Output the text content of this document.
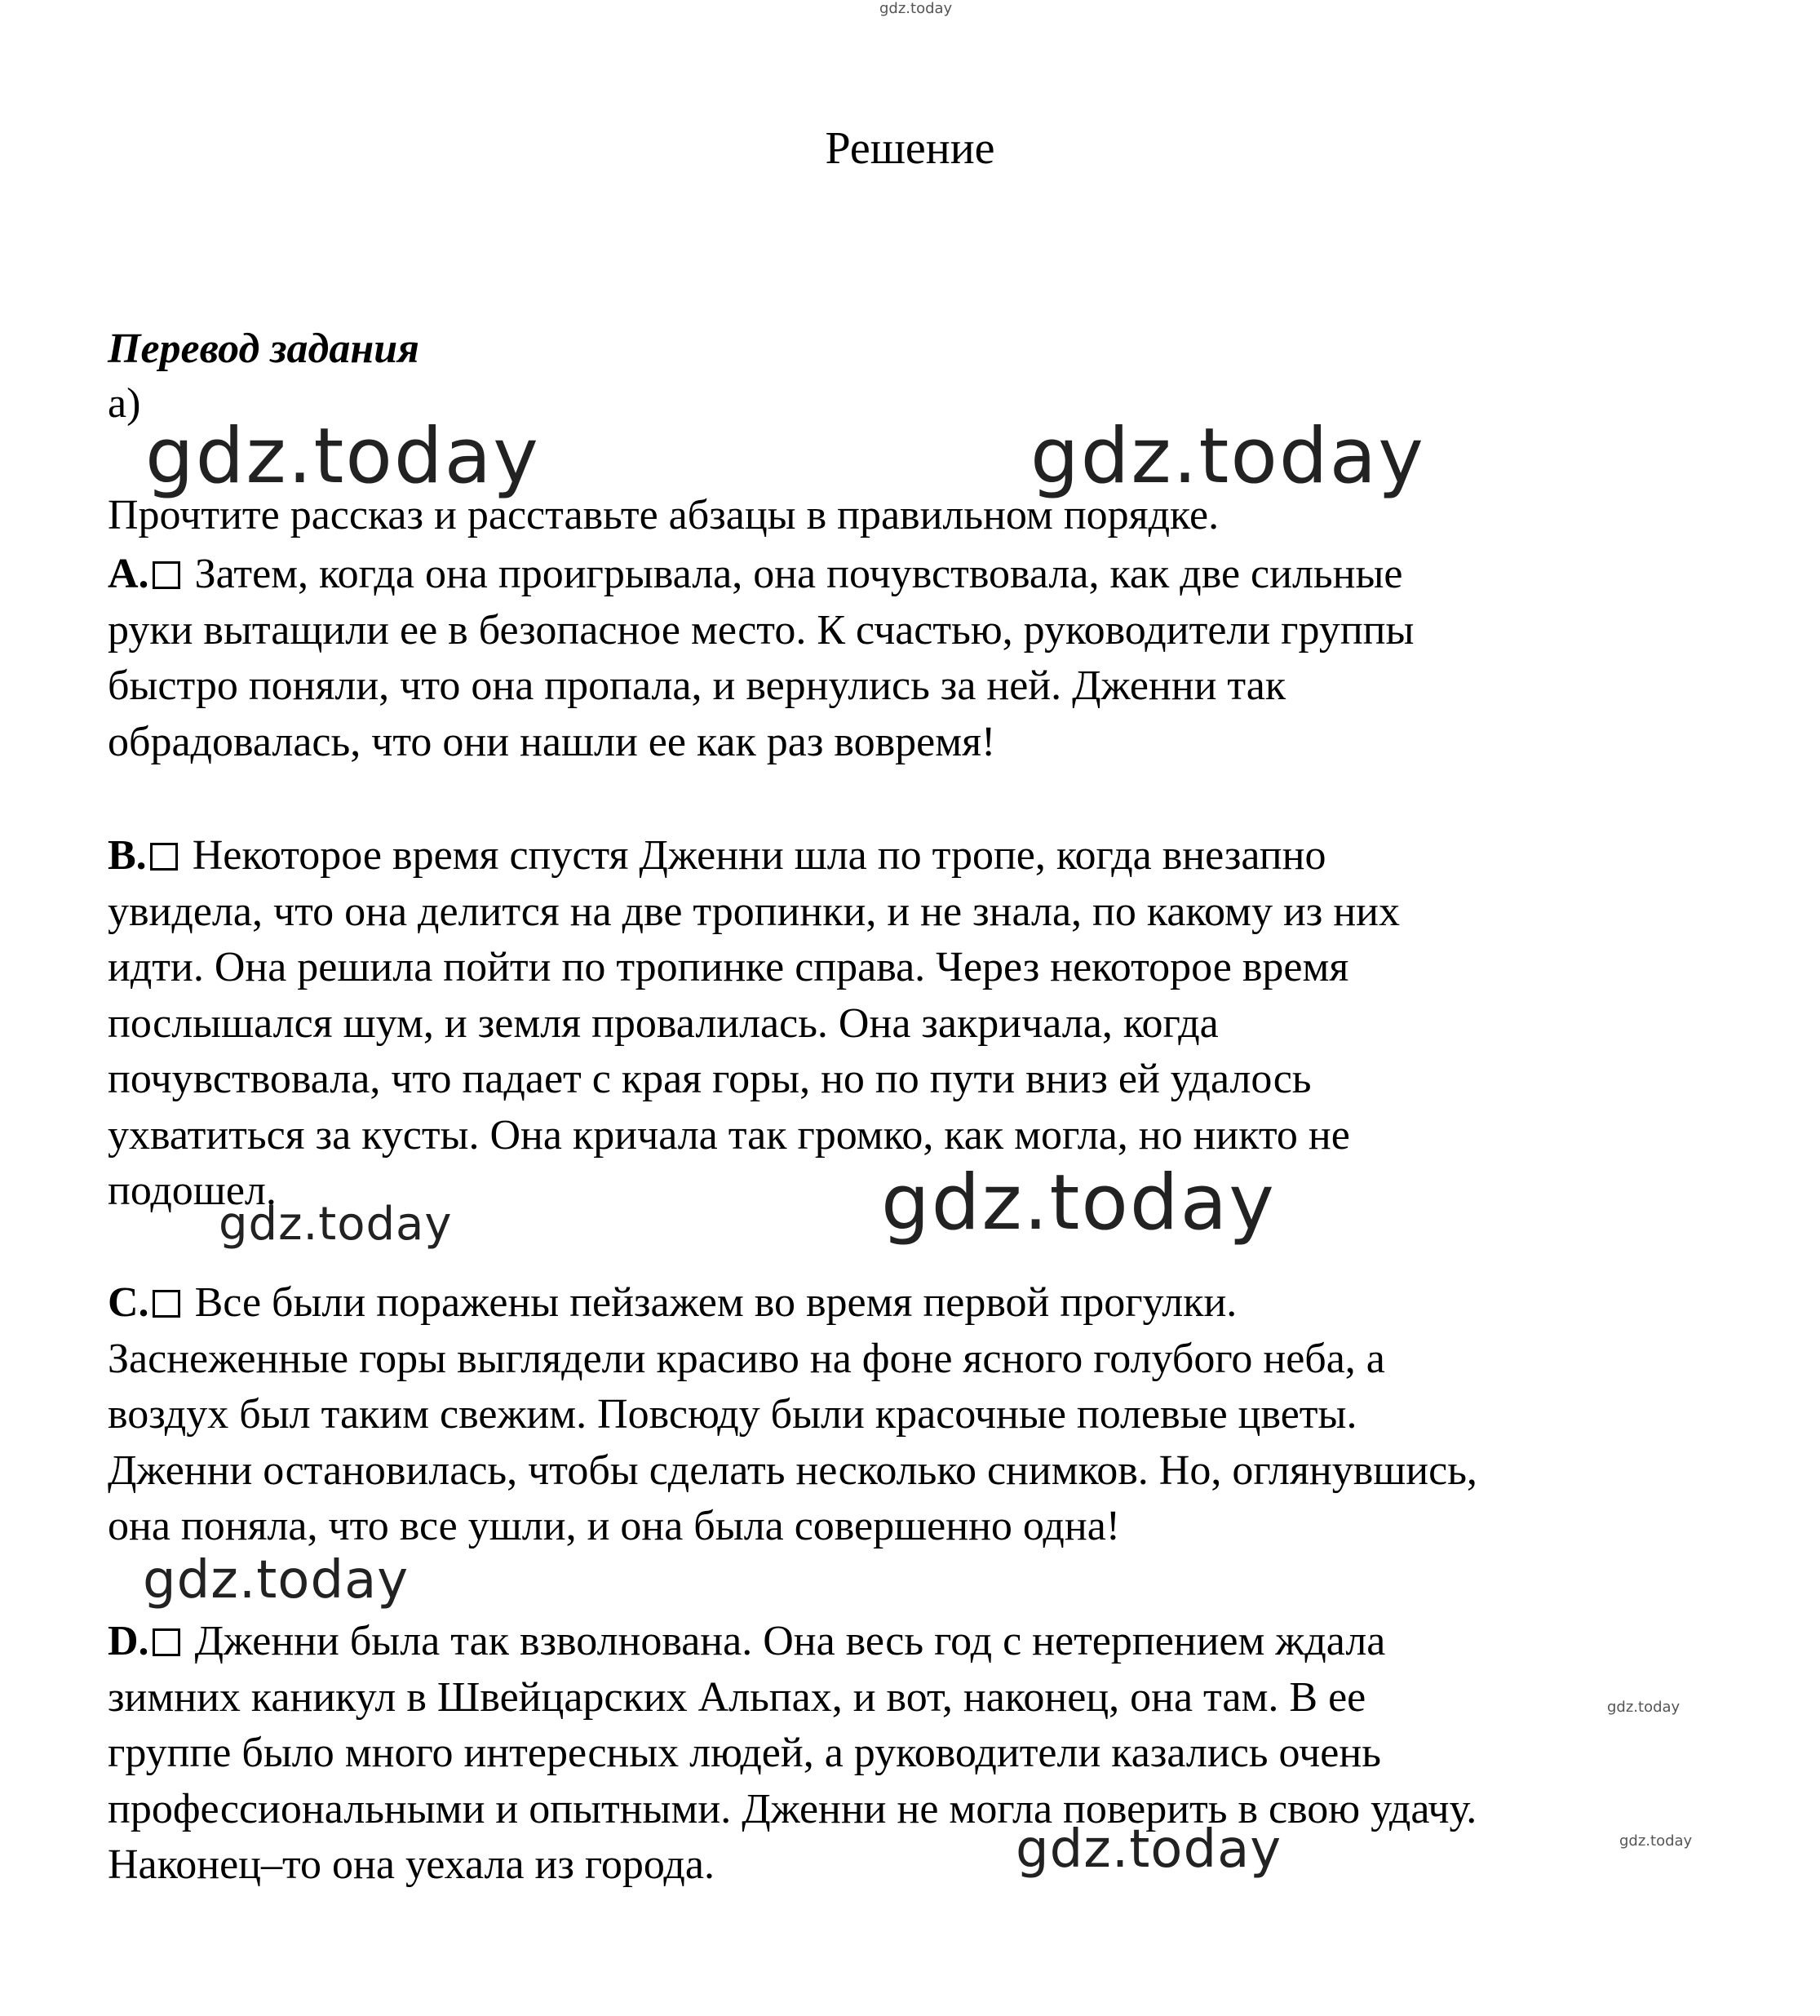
gdz.today
gdz.today	gdz.today
gdz.today
gdz.today
gdz.today
gdz.today
gdz.today	gdz.today
Решение
Перевод задания
a)
Прочтите рассказ и расставьте абзацы в правильном порядке.
A. Затем, когда она проигрывала, она почувствовала, как две сильные
руки вытащили ее в безопасное место. К счастью, руководители группы
быстро поняли, что она пропала, и вернулись за ней. Дженни так
обрадовалась, что они нашли ее как раз вовремя!
B. Некоторое время спустя Дженни шла по тропе, когда внезапно
увидела, что она делится на две тропинки, и не знала, по какому из них
идти. Она решила пойти по тропинке справа. Через некоторое время
послышался шум, и земля провалилась. Она закричала, когда
почувствовала, что падает с края горы, но по пути вниз ей удалось
ухватиться за кусты. Она кричала так громко, как могла, но никто не
подошел.
C. Все были поражены пейзажем во время первой прогулки.
Заснеженные горы выглядели красиво на фоне ясного голубого неба, а
воздух был таким свежим. Повсюду были красочные полевые цветы.
Дженни остановилась, чтобы сделать несколько снимков. Но, оглянувшись,
она поняла, что все ушли, и она была совершенно одна!
D. Дженни была так взволнована. Она весь год с нетерпением ждала
зимних каникул в Швейцарских Альпах, и вот, наконец, она там. В ее
группе было много интересных людей, а руководители казались очень
профессиональными и опытными. Дженни не могла поверить в свою удачу.
Наконец–то она уехала из города.
